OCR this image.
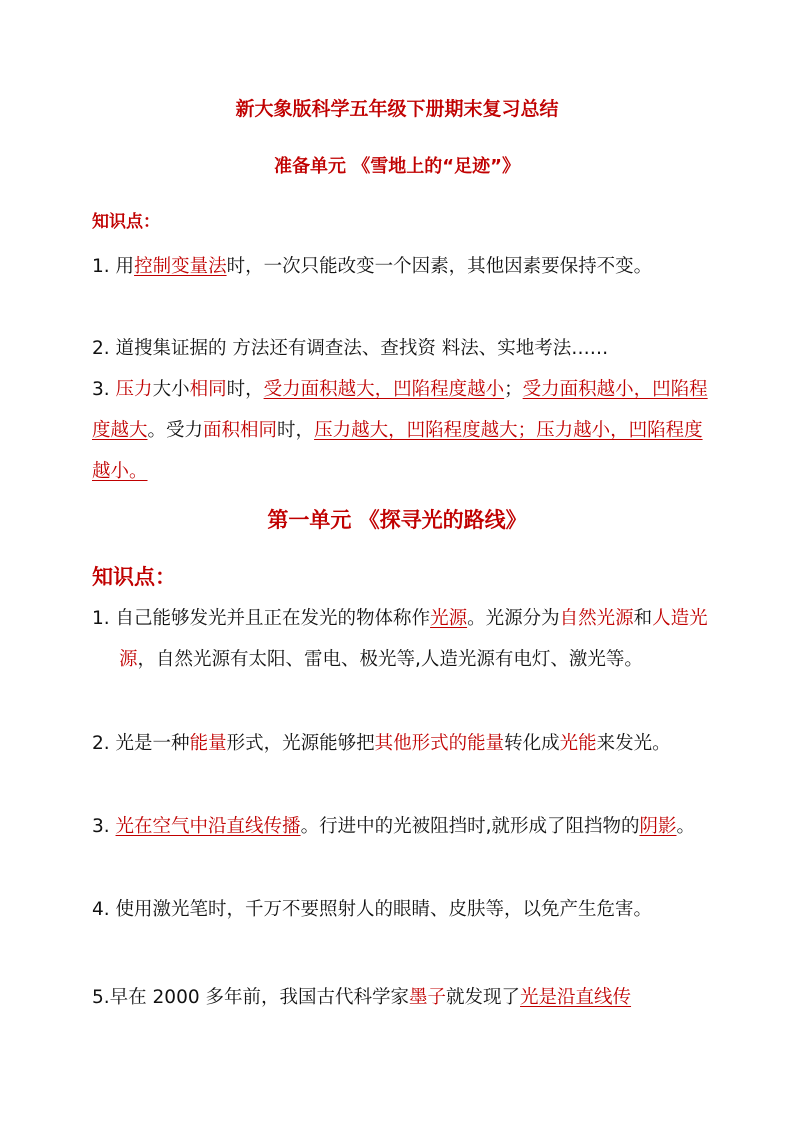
新大象版科学五年级下册期末复习总结
准备单元 《雪地上的“足迹”》
知识点：
1. 用控制变量法时，一次只能改变一个因素，其他因素要保持不变。
2. 道搜集证据的 方法还有调查法、查找资 料法、实地考法……
3. 压力大小相同时，受力面积越大，凹陷程度越小；受力面积越小，凹陷程度越大。受力面积相同时，压力越大，凹陷程度越大；压力越小，凹陷程度越小。
第一单元 《探寻光的路线》
知识点：
1. 自己能够发光并且正在发光的物体称作光源。光源分为自然光源和人造光源，自然光源有太阳、雷电、极光等,人造光源有电灯、激光等。
2. 光是一种能量形式，光源能够把其他形式的能量转化成光能来发光。
3. 光在空气中沿直线传播。行进中的光被阻挡时,就形成了阻挡物的阴影。
4. 使用激光笔时，千万不要照射人的眼睛、皮肤等，以免产生危害。
5.早在 2000 多年前，我国古代科学家墨子就发现了光是沿直线传
